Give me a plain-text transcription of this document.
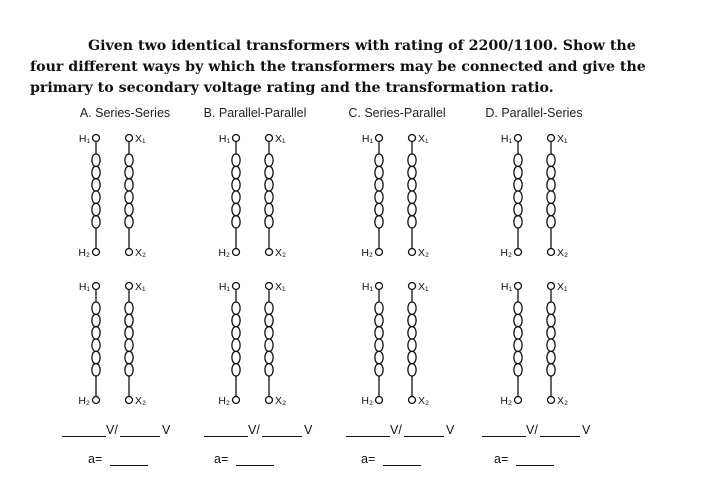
Given two identical transformers with rating of 2200/1100. Show the four different ways by which the transformers may be connected and give the primary to secondary voltage rating and the transformation ratio.
A. Series-Series	B. Parallel-Parallel	C. Series-Parallel	D. Parallel-Series
H₁
H₂
X₁
X₂
H₁
H₂
X₁
X₂
H₁
H₂
X₁
X₂
H₁
H₂
X₁
X₂
H₁
H₂
X₁
X₂
H₁
H₂
X₁
X₂
H₁
H₂
X₁
X₂
H₁
H₂
X₁
X₂
V/	V	V/	V	V/	V	V/	V
a=	a=	a=	a=
